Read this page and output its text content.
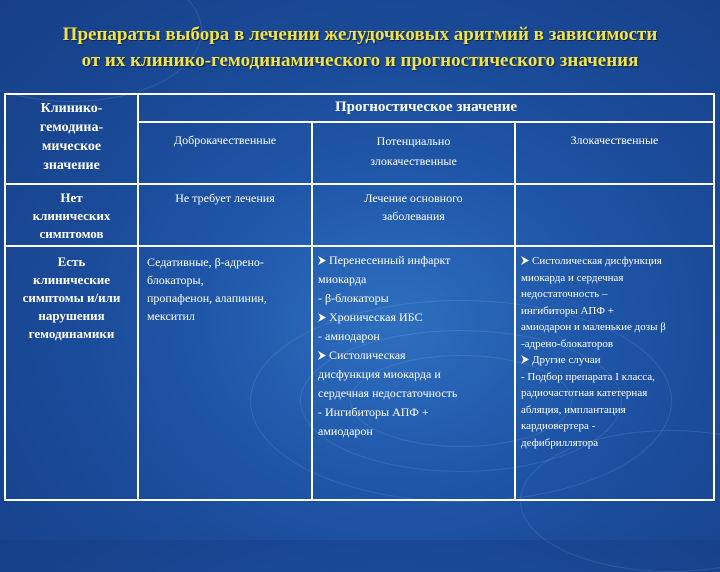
Препараты выбора в лечении желудочковых аритмий в зависимости
от их клинико-гемодинамического и прогностического значения
Клинико-
гемодина-
мическое
значение
Прогностическое значение
Доброкачественные	Потенциально
злокачественные
Злокачественные
Нет
клинических
симптомов
Не требует лечения	Лечение основного
заболевания
Есть
клинические
симптомы и/или
нарушения
гемодинамики
Седативные, β-адрено-
блокаторы,
пропафенон, алапинин,
мекситил
Перенесенный инфаркт
миокарда
- β-блокаторы
Хроническая ИБС
- амиодарон
Систолическая
дисфункция миокарда и
сердечная недостаточность
- Ингибиторы АПФ +
амиодарон
Систолическая дисфункция
миокарда и сердечная
недостаточность –
ингибиторы АПФ +
амиодарон и маленькие дозы β
-адрено-блокаторов
Другие случаи
- Подбор препарата I класса,
радиочастотная катетерная
абляция, имплантация
кардиовертера -
дефибриллятора
